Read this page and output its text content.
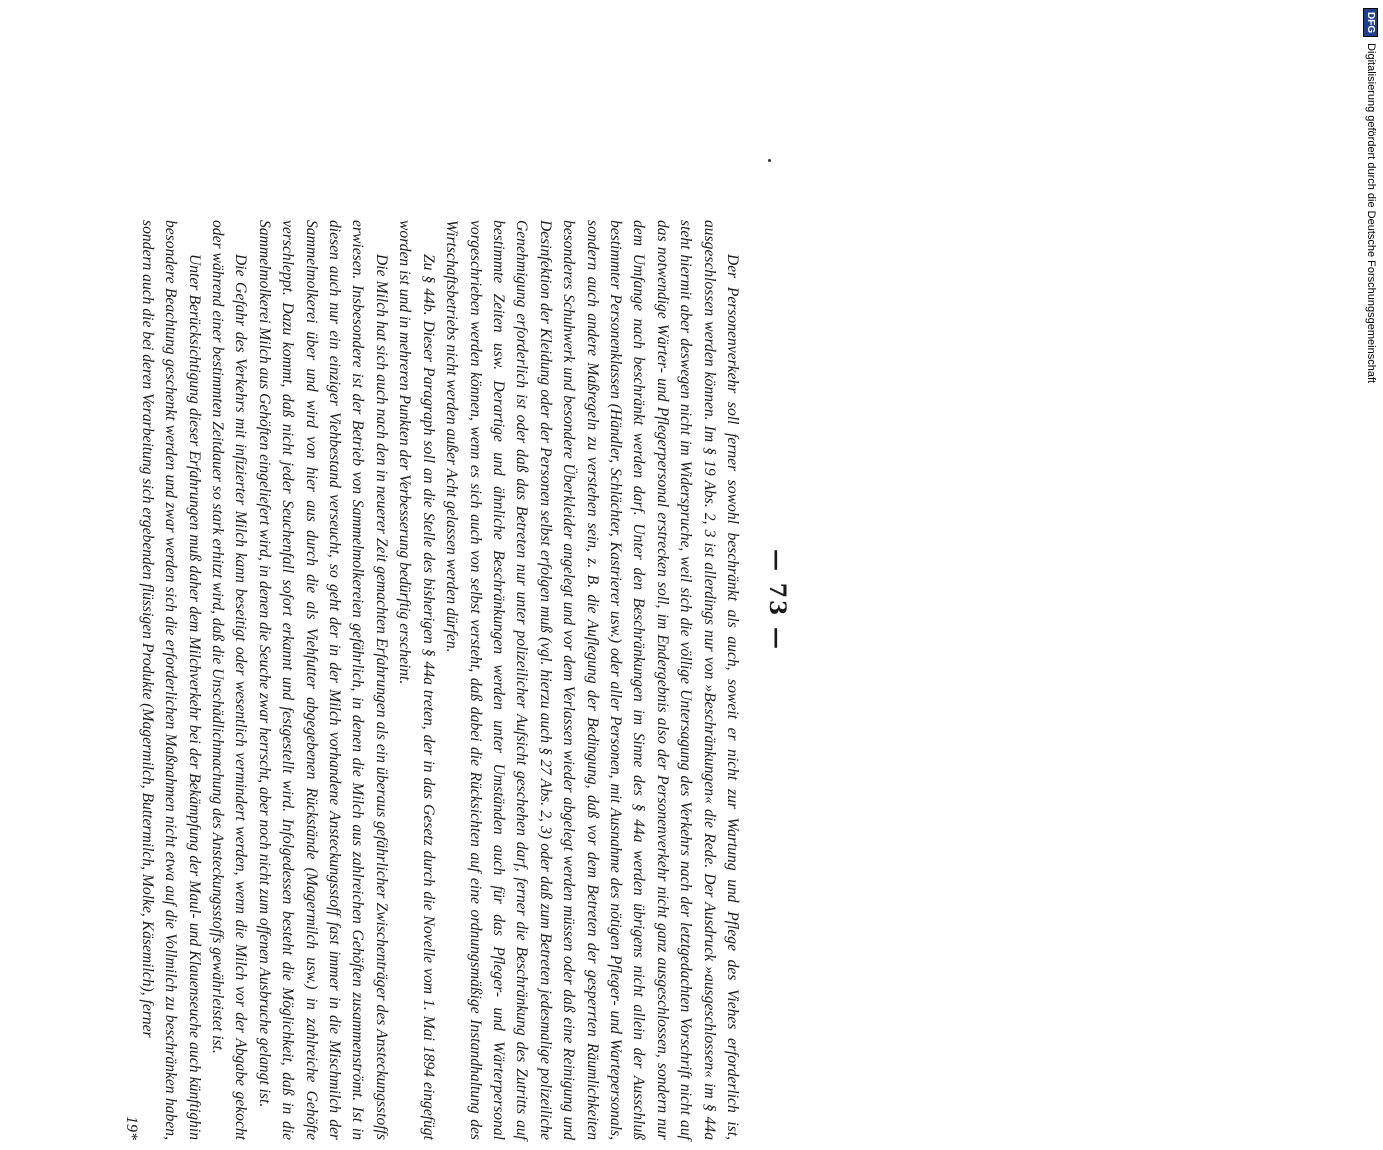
— 73 —

Der Personenverkehr soll ferner sowohl beschränkt als auch, soweit er nicht zur Wartung und Pflege des Viehes erforderlich ist, ausgeschlossen werden können. Im § 19 Abs. 2, 3 ist allerdings nur von »Beschränkungen« die Rede. Der Ausdruck »ausgeschlossen« im § 44a steht hiermit aber deswegen nicht im Widerspruche, weil sich die völlige Untersagung des Verkehrs nach der letztgedachten Vorschrift nicht auf das notwendige Wärter- und Pflegerpersonal erstrecken soll, im Endergebnis also der Personenverkehr nicht ganz ausgeschlossen, sondern nur dem Umfange nach beschränkt werden darf. Unter den Beschränkungen im Sinne des § 44a werden übrigens nicht allein der Ausschluß bestimmter Personenklassen (Händler, Schlächter, Kastrierer usw.) oder aller Personen, mit Ausnahme des nötigen Pfleger- und Wartepersonals, sondern auch andere Maßregeln zu verstehen sein, z. B. die Auflegung der Bedingung, daß vor dem Betreten der gesperrten Räumlichkeiten besonderes Schuhwerk und besondere Überkleider angelegt und vor dem Verlassen wieder abgelegt werden müssen oder daß eine Reinigung und Desinfektion der Kleidung oder der Personen selbst erfolgen muß (vgl. hierzu auch § 27 Abs. 2, 3) oder daß zum Betreten jedesmalige polizeiliche Genehmigung erforderlich ist oder daß das Betreten nur unter polizeilicher Aufsicht geschehen darf, ferner die Beschränkung des Zutritts auf bestimmte Zeiten usw. Derartige und ähnliche Beschränkungen werden unter Umständen auch für das Pfleger- und Wärterpersonal vorgeschrieben werden können, wenn es sich auch von selbst versteht, daß dabei die Rücksichten auf eine ordnungsmäßige Instandhaltung des Wirtschaftsbetriebs nicht werden außer Acht gelassen werden dürfen.

Zu § 44b. Dieser Paragraph soll an die Stelle des bisherigen § 44a treten, der in das Gesetz durch die Novelle vom 1. Mai 1894 eingefügt worden ist und in mehreren Punkten der Verbesserung bedürftig erscheint.

Die Milch hat sich auch nach den in neuerer Zeit gemachten Erfahrungen als ein überaus gefährlicher Zwischenträger des Ansteckungsstoffs erwiesen. Insbesondere ist der Betrieb von Sammelmolkereien gefährlich, in denen die Milch aus zahlreichen Gehöften zusammenströmt. Ist in diesen auch nur ein einziger Viehbestand verseucht, so geht der in der Milch vorhandene Ansteckungsstoff fast immer in die Mischmilch der Sammelmolkerei über und wird von hier aus durch die als Viehfutter abgegebenen Rückstände (Magermilch usw.) in zahlreiche Gehöfte verschleppt. Dazu kommt, daß nicht jeder Seuchenfall sofort erkannt und festgestellt wird. Infolgedessen besteht die Möglichkeit, daß in die Sammelmolkerei Milch aus Gehöften eingeliefert wird, in denen die Seuche zwar herrscht, aber noch nicht zum offenen Ausbruche gelangt ist.

Die Gefahr des Verkehrs mit infizierter Milch kann beseitigt oder wesentlich vermindert werden, wenn die Milch vor der Abgabe gekocht oder während einer bestimmten Zeitdauer so stark erhitzt wird, daß die Unschädlichmachung des Ansteckungsstoffs gewährleistet ist.

Unter Berücksichtigung dieser Erfahrungen muß daher dem Milchverkehr bei der Bekämpfung der Maul- und Klauenseuche auch künftighin besondere Beachtung geschenkt werden und zwar werden sich die erforderlichen Maßnahmen nicht etwa auf die Vollmilch zu beschränken haben, sondern auch die bei deren Verarbeitung sich ergebenden flüssigen Produkte (Magermilch, Buttermilch, Molke, Käsemilch), ferner

19*
DFG
Digitalisierung gefördert durch die Deutsche Forschungsgemeinschaft
